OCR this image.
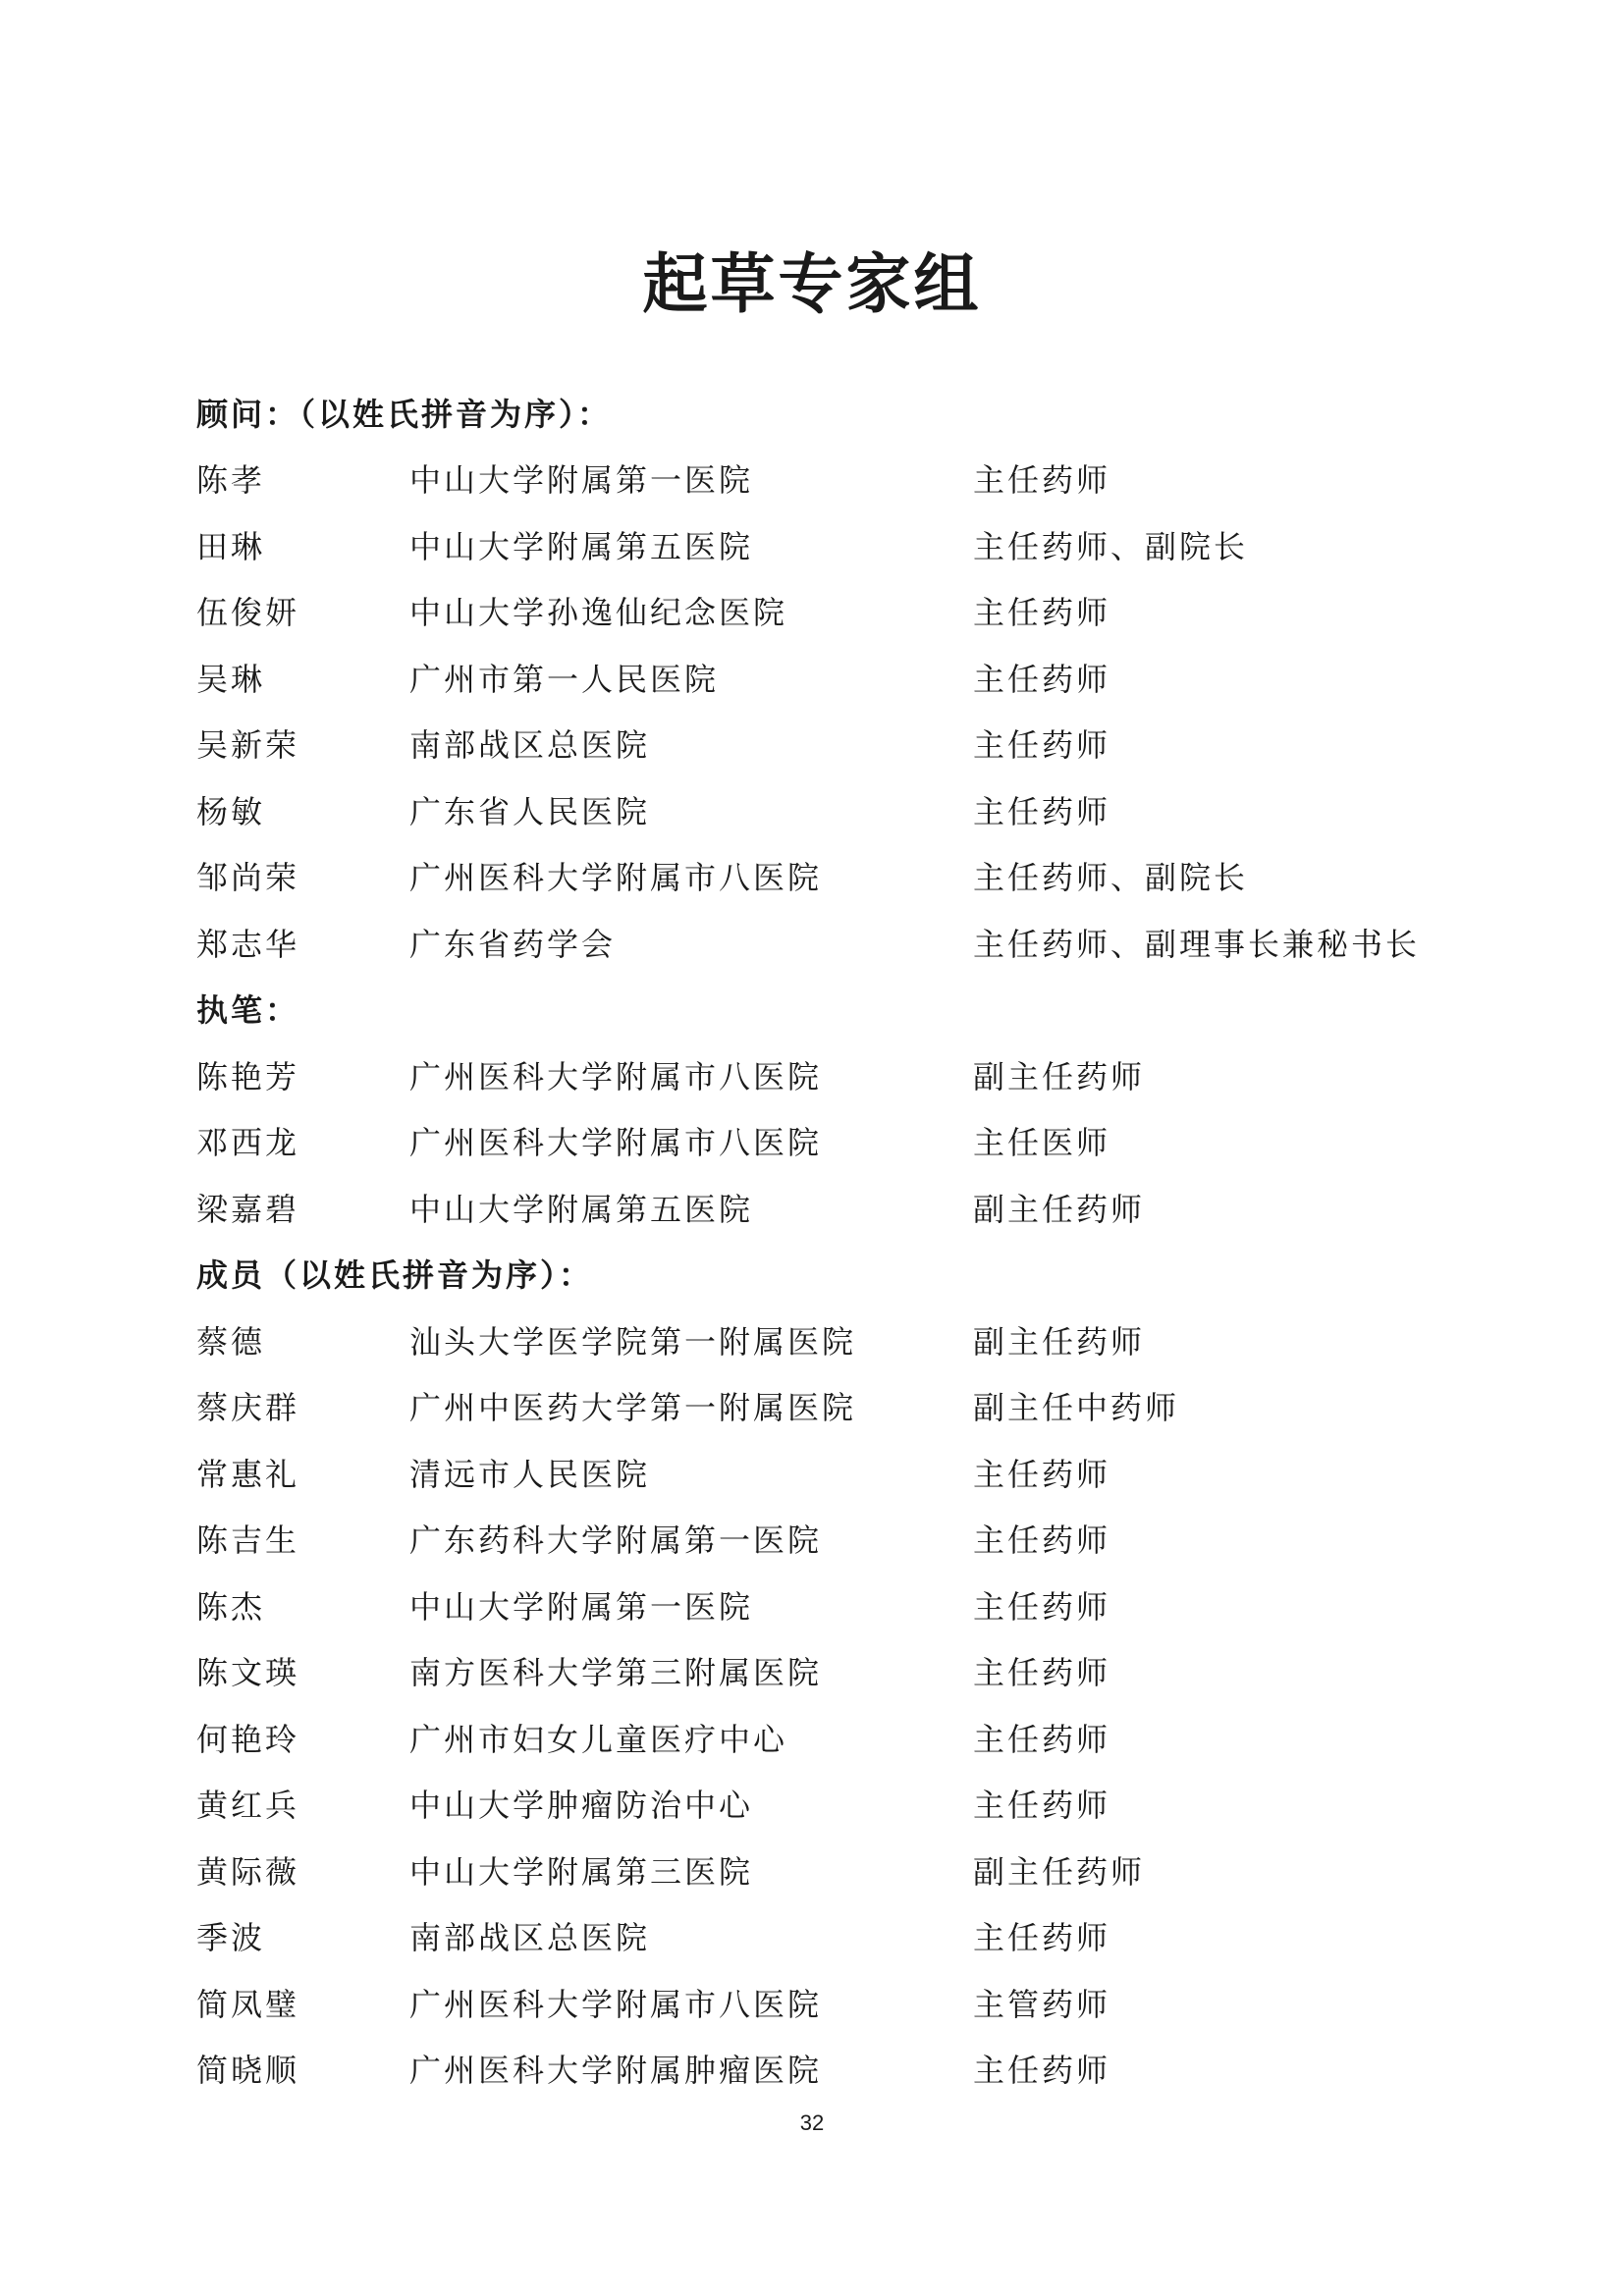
起草专家组
顾问：（以姓氏拼音为序）：
陈孝	中山大学附属第一医院	主任药师
田琳	中山大学附属第五医院	主任药师、副院长
伍俊妍	中山大学孙逸仙纪念医院	主任药师
吴琳	广州市第一人民医院	主任药师
吴新荣	南部战区总医院	主任药师
杨敏	广东省人民医院	主任药师
邹尚荣	广州医科大学附属市八医院	主任药师、副院长
郑志华	广东省药学会	主任药师、副理事长兼秘书长
执笔：
陈艳芳	广州医科大学附属市八医院	副主任药师
邓西龙	广州医科大学附属市八医院	主任医师
梁嘉碧	中山大学附属第五医院	副主任药师
成员（以姓氏拼音为序）：
蔡德	汕头大学医学院第一附属医院	副主任药师
蔡庆群	广州中医药大学第一附属医院	副主任中药师
常惠礼	清远市人民医院	主任药师
陈吉生	广东药科大学附属第一医院	主任药师
陈杰	中山大学附属第一医院	主任药师
陈文瑛	南方医科大学第三附属医院	主任药师
何艳玲	广州市妇女儿童医疗中心	主任药师
黄红兵	中山大学肿瘤防治中心	主任药师
黄际薇	中山大学附属第三医院	副主任药师
季波	南部战区总医院	主任药师
简凤璧	广州医科大学附属市八医院	主管药师
简晓顺	广州医科大学附属肿瘤医院	主任药师
32
